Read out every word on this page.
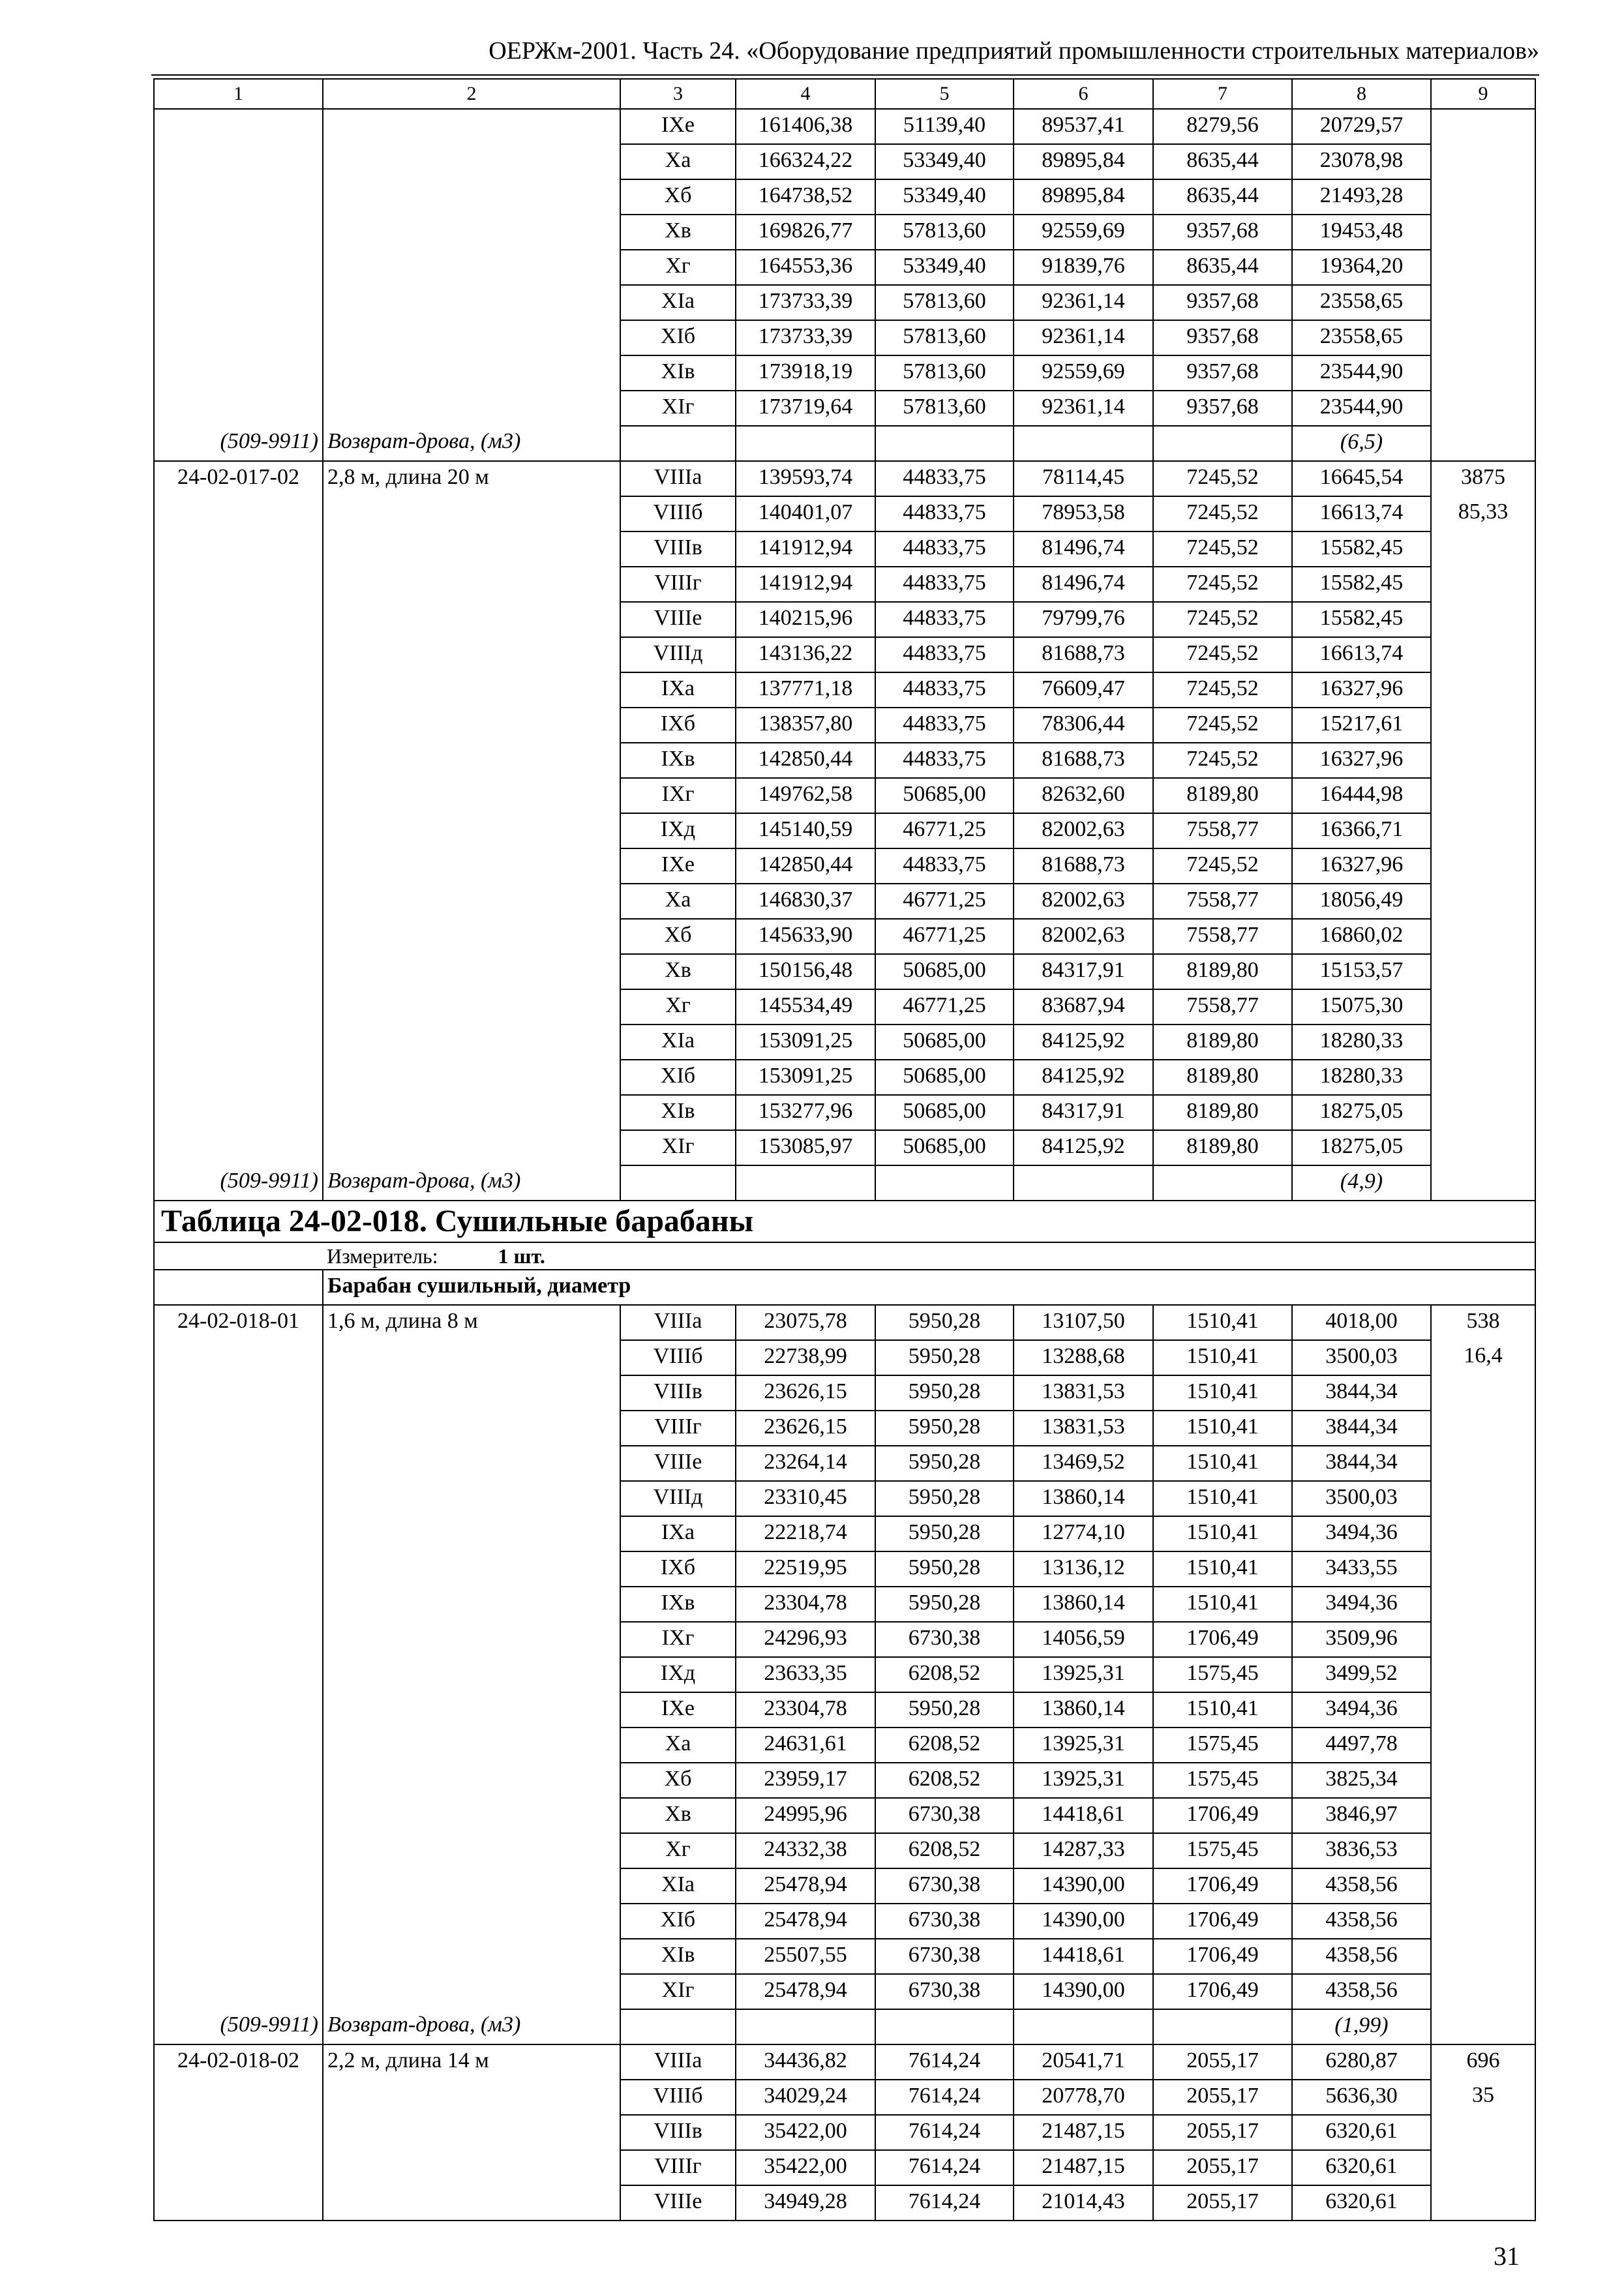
ОЕРЖм-2001. Часть 24. «Оборудование предприятий промышленности строительных материалов»
1	2	3	4	5	6	7	8	9
		IXе	161406,38	51139,40	89537,41	8279,56	20729,57	
		Xа	166324,22	53349,40	89895,84	8635,44	23078,98	
		Xб	164738,52	53349,40	89895,84	8635,44	21493,28	
		Xв	169826,77	57813,60	92559,69	9357,68	19453,48	
		Xг	164553,36	53349,40	91839,76	8635,44	19364,20	
		XIа	173733,39	57813,60	92361,14	9357,68	23558,65	
		XIб	173733,39	57813,60	92361,14	9357,68	23558,65	
		XIв	173918,19	57813,60	92559,69	9357,68	23544,90	
		XIг	173719,64	57813,60	92361,14	9357,68	23544,90	
(509-9911)	Возврат-дрова, (м3)						(6,5)	
24-02-017-02	2,8 м, длина 20 м	VIIIа	139593,74	44833,75	78114,45	7245,52	16645,54	3875
		VIIIб	140401,07	44833,75	78953,58	7245,52	16613,74	85,33
		VIIIв	141912,94	44833,75	81496,74	7245,52	15582,45	
		VIIIг	141912,94	44833,75	81496,74	7245,52	15582,45	
		VIIIе	140215,96	44833,75	79799,76	7245,52	15582,45	
		VIIIд	143136,22	44833,75	81688,73	7245,52	16613,74	
		IXа	137771,18	44833,75	76609,47	7245,52	16327,96	
		IXб	138357,80	44833,75	78306,44	7245,52	15217,61	
		IXв	142850,44	44833,75	81688,73	7245,52	16327,96	
		IXг	149762,58	50685,00	82632,60	8189,80	16444,98	
		IXд	145140,59	46771,25	82002,63	7558,77	16366,71	
		IXе	142850,44	44833,75	81688,73	7245,52	16327,96	
		Xа	146830,37	46771,25	82002,63	7558,77	18056,49	
		Xб	145633,90	46771,25	82002,63	7558,77	16860,02	
		Xв	150156,48	50685,00	84317,91	8189,80	15153,57	
		Xг	145534,49	46771,25	83687,94	7558,77	15075,30	
		XIа	153091,25	50685,00	84125,92	8189,80	18280,33	
		XIб	153091,25	50685,00	84125,92	8189,80	18280,33	
		XIв	153277,96	50685,00	84317,91	8189,80	18275,05	
		XIг	153085,97	50685,00	84125,92	8189,80	18275,05	
(509-9911)	Возврат-дрова, (м3)						(4,9)	
Таблица 24-02-018. Сушильные барабаны								
Измеритель: 1 шт.								
	Барабан сушильный, диаметр							
24-02-018-01	1,6 м, длина 8 м	VIIIа	23075,78	5950,28	13107,50	1510,41	4018,00	538
		VIIIб	22738,99	5950,28	13288,68	1510,41	3500,03	16,4
		VIIIв	23626,15	5950,28	13831,53	1510,41	3844,34	
		VIIIг	23626,15	5950,28	13831,53	1510,41	3844,34	
		VIIIе	23264,14	5950,28	13469,52	1510,41	3844,34	
		VIIIд	23310,45	5950,28	13860,14	1510,41	3500,03	
		IXа	22218,74	5950,28	12774,10	1510,41	3494,36	
		IXб	22519,95	5950,28	13136,12	1510,41	3433,55	
		IXв	23304,78	5950,28	13860,14	1510,41	3494,36	
		IXг	24296,93	6730,38	14056,59	1706,49	3509,96	
		IXд	23633,35	6208,52	13925,31	1575,45	3499,52	
		IXе	23304,78	5950,28	13860,14	1510,41	3494,36	
		Xа	24631,61	6208,52	13925,31	1575,45	4497,78	
		Xб	23959,17	6208,52	13925,31	1575,45	3825,34	
		Xв	24995,96	6730,38	14418,61	1706,49	3846,97	
		Xг	24332,38	6208,52	14287,33	1575,45	3836,53	
		XIа	25478,94	6730,38	14390,00	1706,49	4358,56	
		XIб	25478,94	6730,38	14390,00	1706,49	4358,56	
		XIв	25507,55	6730,38	14418,61	1706,49	4358,56	
		XIг	25478,94	6730,38	14390,00	1706,49	4358,56	
(509-9911)	Возврат-дрова, (м3)						(1,99)	
24-02-018-02	2,2 м, длина 14 м	VIIIа	34436,82	7614,24	20541,71	2055,17	6280,87	696
		VIIIб	34029,24	7614,24	20778,70	2055,17	5636,30	35
		VIIIв	35422,00	7614,24	21487,15	2055,17	6320,61	
		VIIIг	35422,00	7614,24	21487,15	2055,17	6320,61	
		VIIIе	34949,28	7614,24	21014,43	2055,17	6320,61	
31
